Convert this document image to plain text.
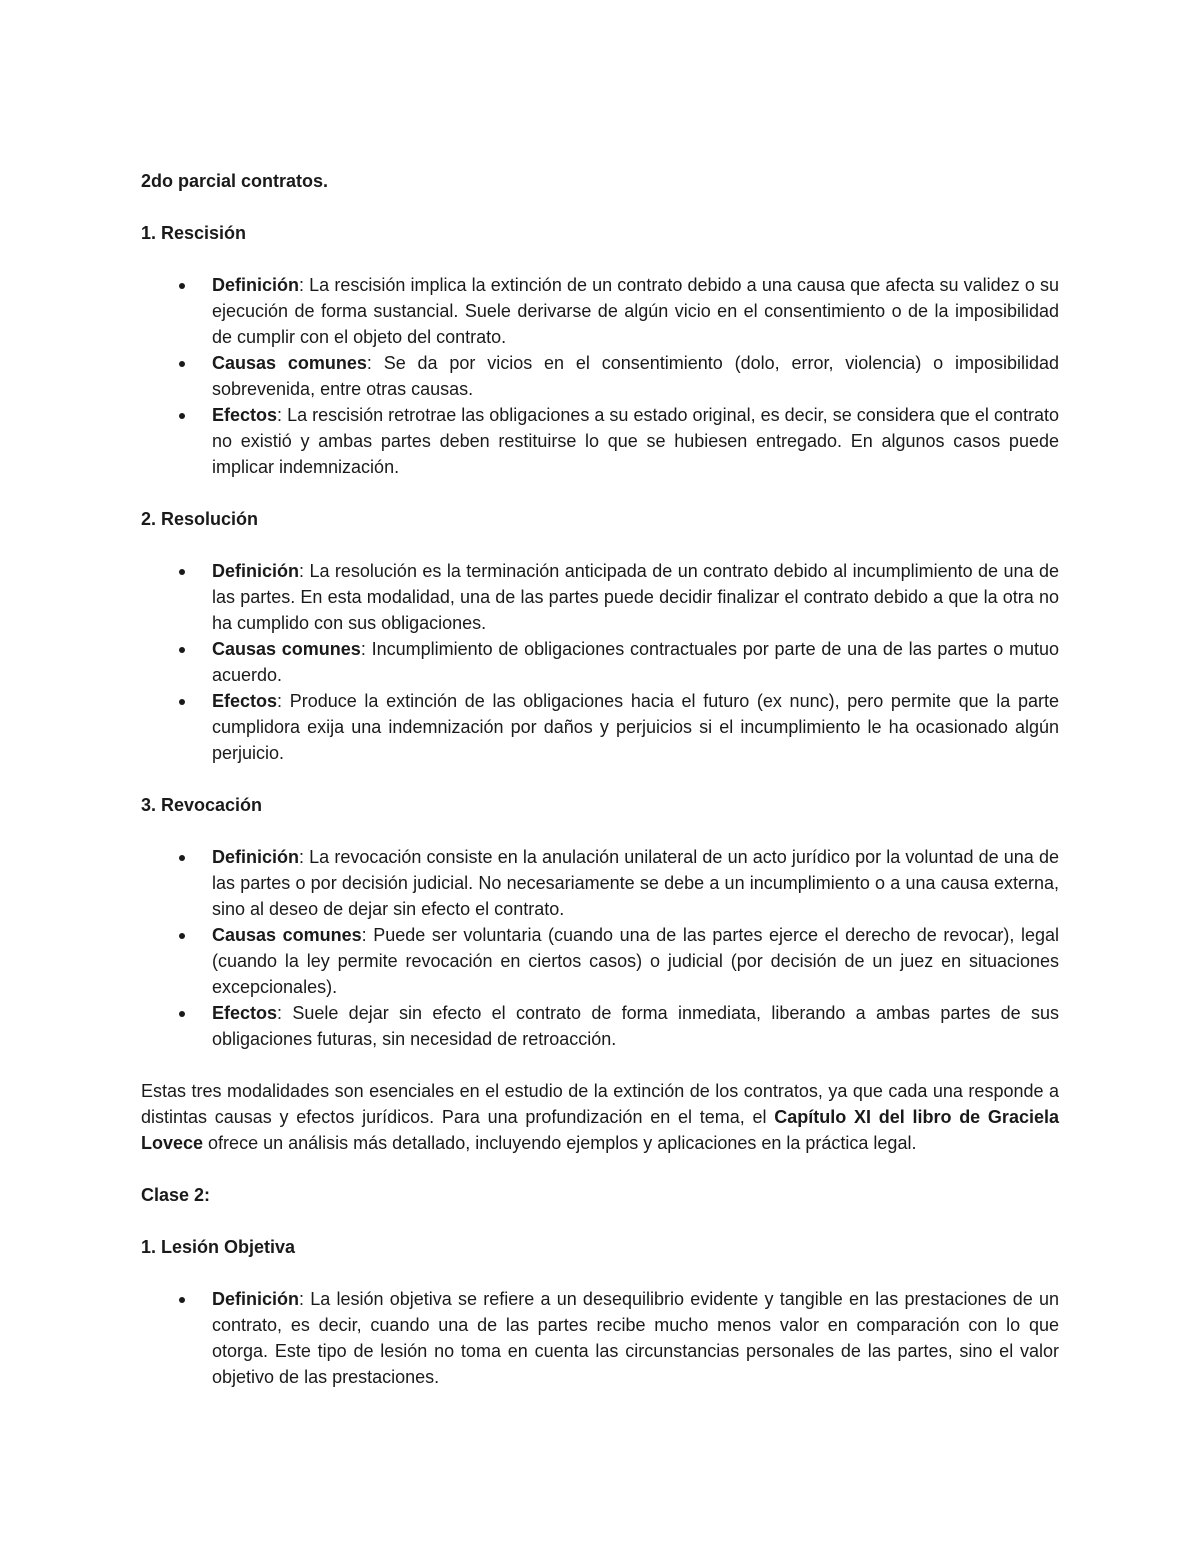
2do parcial contratos.
1. Rescisión
Definición: La rescisión implica la extinción de un contrato debido a una causa que afecta su validez o su ejecución de forma sustancial. Suele derivarse de algún vicio en el consentimiento o de la imposibilidad de cumplir con el objeto del contrato.
Causas comunes: Se da por vicios en el consentimiento (dolo, error, violencia) o imposibilidad sobrevenida, entre otras causas.
Efectos: La rescisión retrotrae las obligaciones a su estado original, es decir, se considera que el contrato no existió y ambas partes deben restituirse lo que se hubiesen entregado. En algunos casos puede implicar indemnización.
2. Resolución
Definición: La resolución es la terminación anticipada de un contrato debido al incumplimiento de una de las partes. En esta modalidad, una de las partes puede decidir finalizar el contrato debido a que la otra no ha cumplido con sus obligaciones.
Causas comunes: Incumplimiento de obligaciones contractuales por parte de una de las partes o mutuo acuerdo.
Efectos: Produce la extinción de las obligaciones hacia el futuro (ex nunc), pero permite que la parte cumplidora exija una indemnización por daños y perjuicios si el incumplimiento le ha ocasionado algún perjuicio.
3. Revocación
Definición: La revocación consiste en la anulación unilateral de un acto jurídico por la voluntad de una de las partes o por decisión judicial. No necesariamente se debe a un incumplimiento o a una causa externa, sino al deseo de dejar sin efecto el contrato.
Causas comunes: Puede ser voluntaria (cuando una de las partes ejerce el derecho de revocar), legal (cuando la ley permite revocación en ciertos casos) o judicial (por decisión de un juez en situaciones excepcionales).
Efectos: Suele dejar sin efecto el contrato de forma inmediata, liberando a ambas partes de sus obligaciones futuras, sin necesidad de retroacción.

Estas tres modalidades son esenciales en el estudio de la extinción de los contratos, ya que cada una responde a distintas causas y efectos jurídicos. Para una profundización en el tema, el Capítulo XI del libro de Graciela Lovece ofrece un análisis más detallado, incluyendo ejemplos y aplicaciones en la práctica legal.

Clase 2:
1. Lesión Objetiva
Definición: La lesión objetiva se refiere a un desequilibrio evidente y tangible en las prestaciones de un contrato, es decir, cuando una de las partes recibe mucho menos valor en comparación con lo que otorga. Este tipo de lesión no toma en cuenta las circunstancias personales de las partes, sino el valor objetivo de las prestaciones.
